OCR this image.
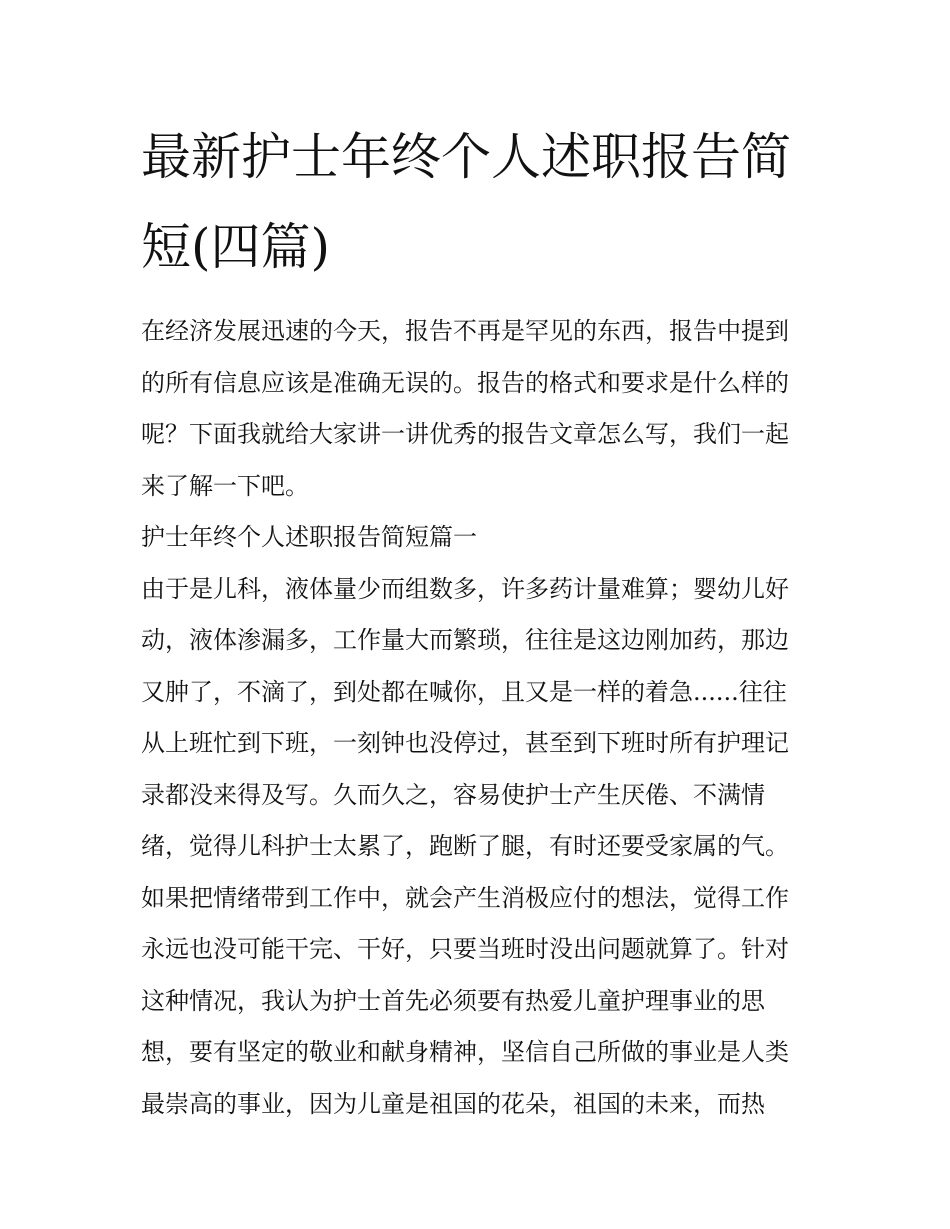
最新护士年终个人述职报告简
短(四篇)
在经济发展迅速的今天，报告不再是罕见的东西，报告中提到
的所有信息应该是准确无误的。报告的格式和要求是什么样的
呢？下面我就给大家讲一讲优秀的报告文章怎么写，我们一起
来了解一下吧。
护士年终个人述职报告简短篇一
由于是儿科，液体量少而组数多，许多药计量难算；婴幼儿好
动，液体渗漏多，工作量大而繁琐，往往是这边刚加药，那边
又肿了，不滴了，到处都在喊你，且又是一样的着急......往往
从上班忙到下班，一刻钟也没停过，甚至到下班时所有护理记
录都没来得及写。久而久之，容易使护士产生厌倦、不满情
绪，觉得儿科护士太累了，跑断了腿，有时还要受家属的气。
如果把情绪带到工作中，就会产生消极应付的想法，觉得工作
永远也没可能干完、干好，只要当班时没出问题就算了。针对
这种情况，我认为护士首先必须要有热爱儿童护理事业的思
想，要有坚定的敬业和献身精神，坚信自己所做的事业是人类
最崇高的事业，因为儿童是祖国的花朵，祖国的未来，而热
